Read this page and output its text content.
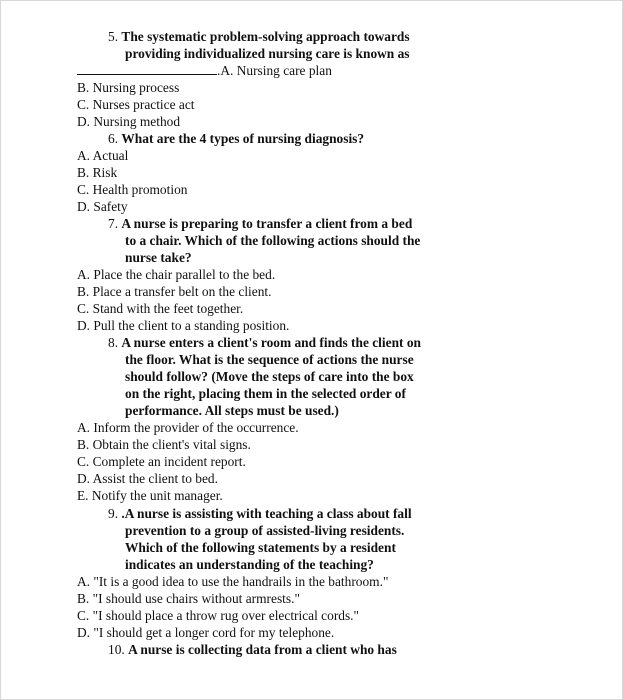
5. The systematic problem-solving approach towards
providing individualized nursing care is known as
.A. Nursing care plan
B. Nursing process
C. Nurses practice act
D. Nursing method
6. What are the 4 types of nursing diagnosis?
A. Actual
B. Risk
C. Health promotion
D. Safety
7. A nurse is preparing to transfer a client from a bed
to a chair. Which of the following actions should the
nurse take?
A. Place the chair parallel to the bed.
B. Place a transfer belt on the client.
C. Stand with the feet together.
D. Pull the client to a standing position.
8. A nurse enters a client's room and finds the client on
the floor. What is the sequence of actions the nurse
should follow? (Move the steps of care into the box
on the right, placing them in the selected order of
performance. All steps must be used.)
A. Inform the provider of the occurrence.
B. Obtain the client's vital signs.
C. Complete an incident report.
D. Assist the client to bed.
E. Notify the unit manager.
9. .A nurse is assisting with teaching a class about fall
prevention to a group of assisted-living residents.
Which of the following statements by a resident
indicates an understanding of the teaching?
A. "It is a good idea to use the handrails in the bathroom."
B. "I should use chairs without armrests."
C. "I should place a throw rug over electrical cords."
D. "I should get a longer cord for my telephone.
10. A nurse is collecting data from a client who has
